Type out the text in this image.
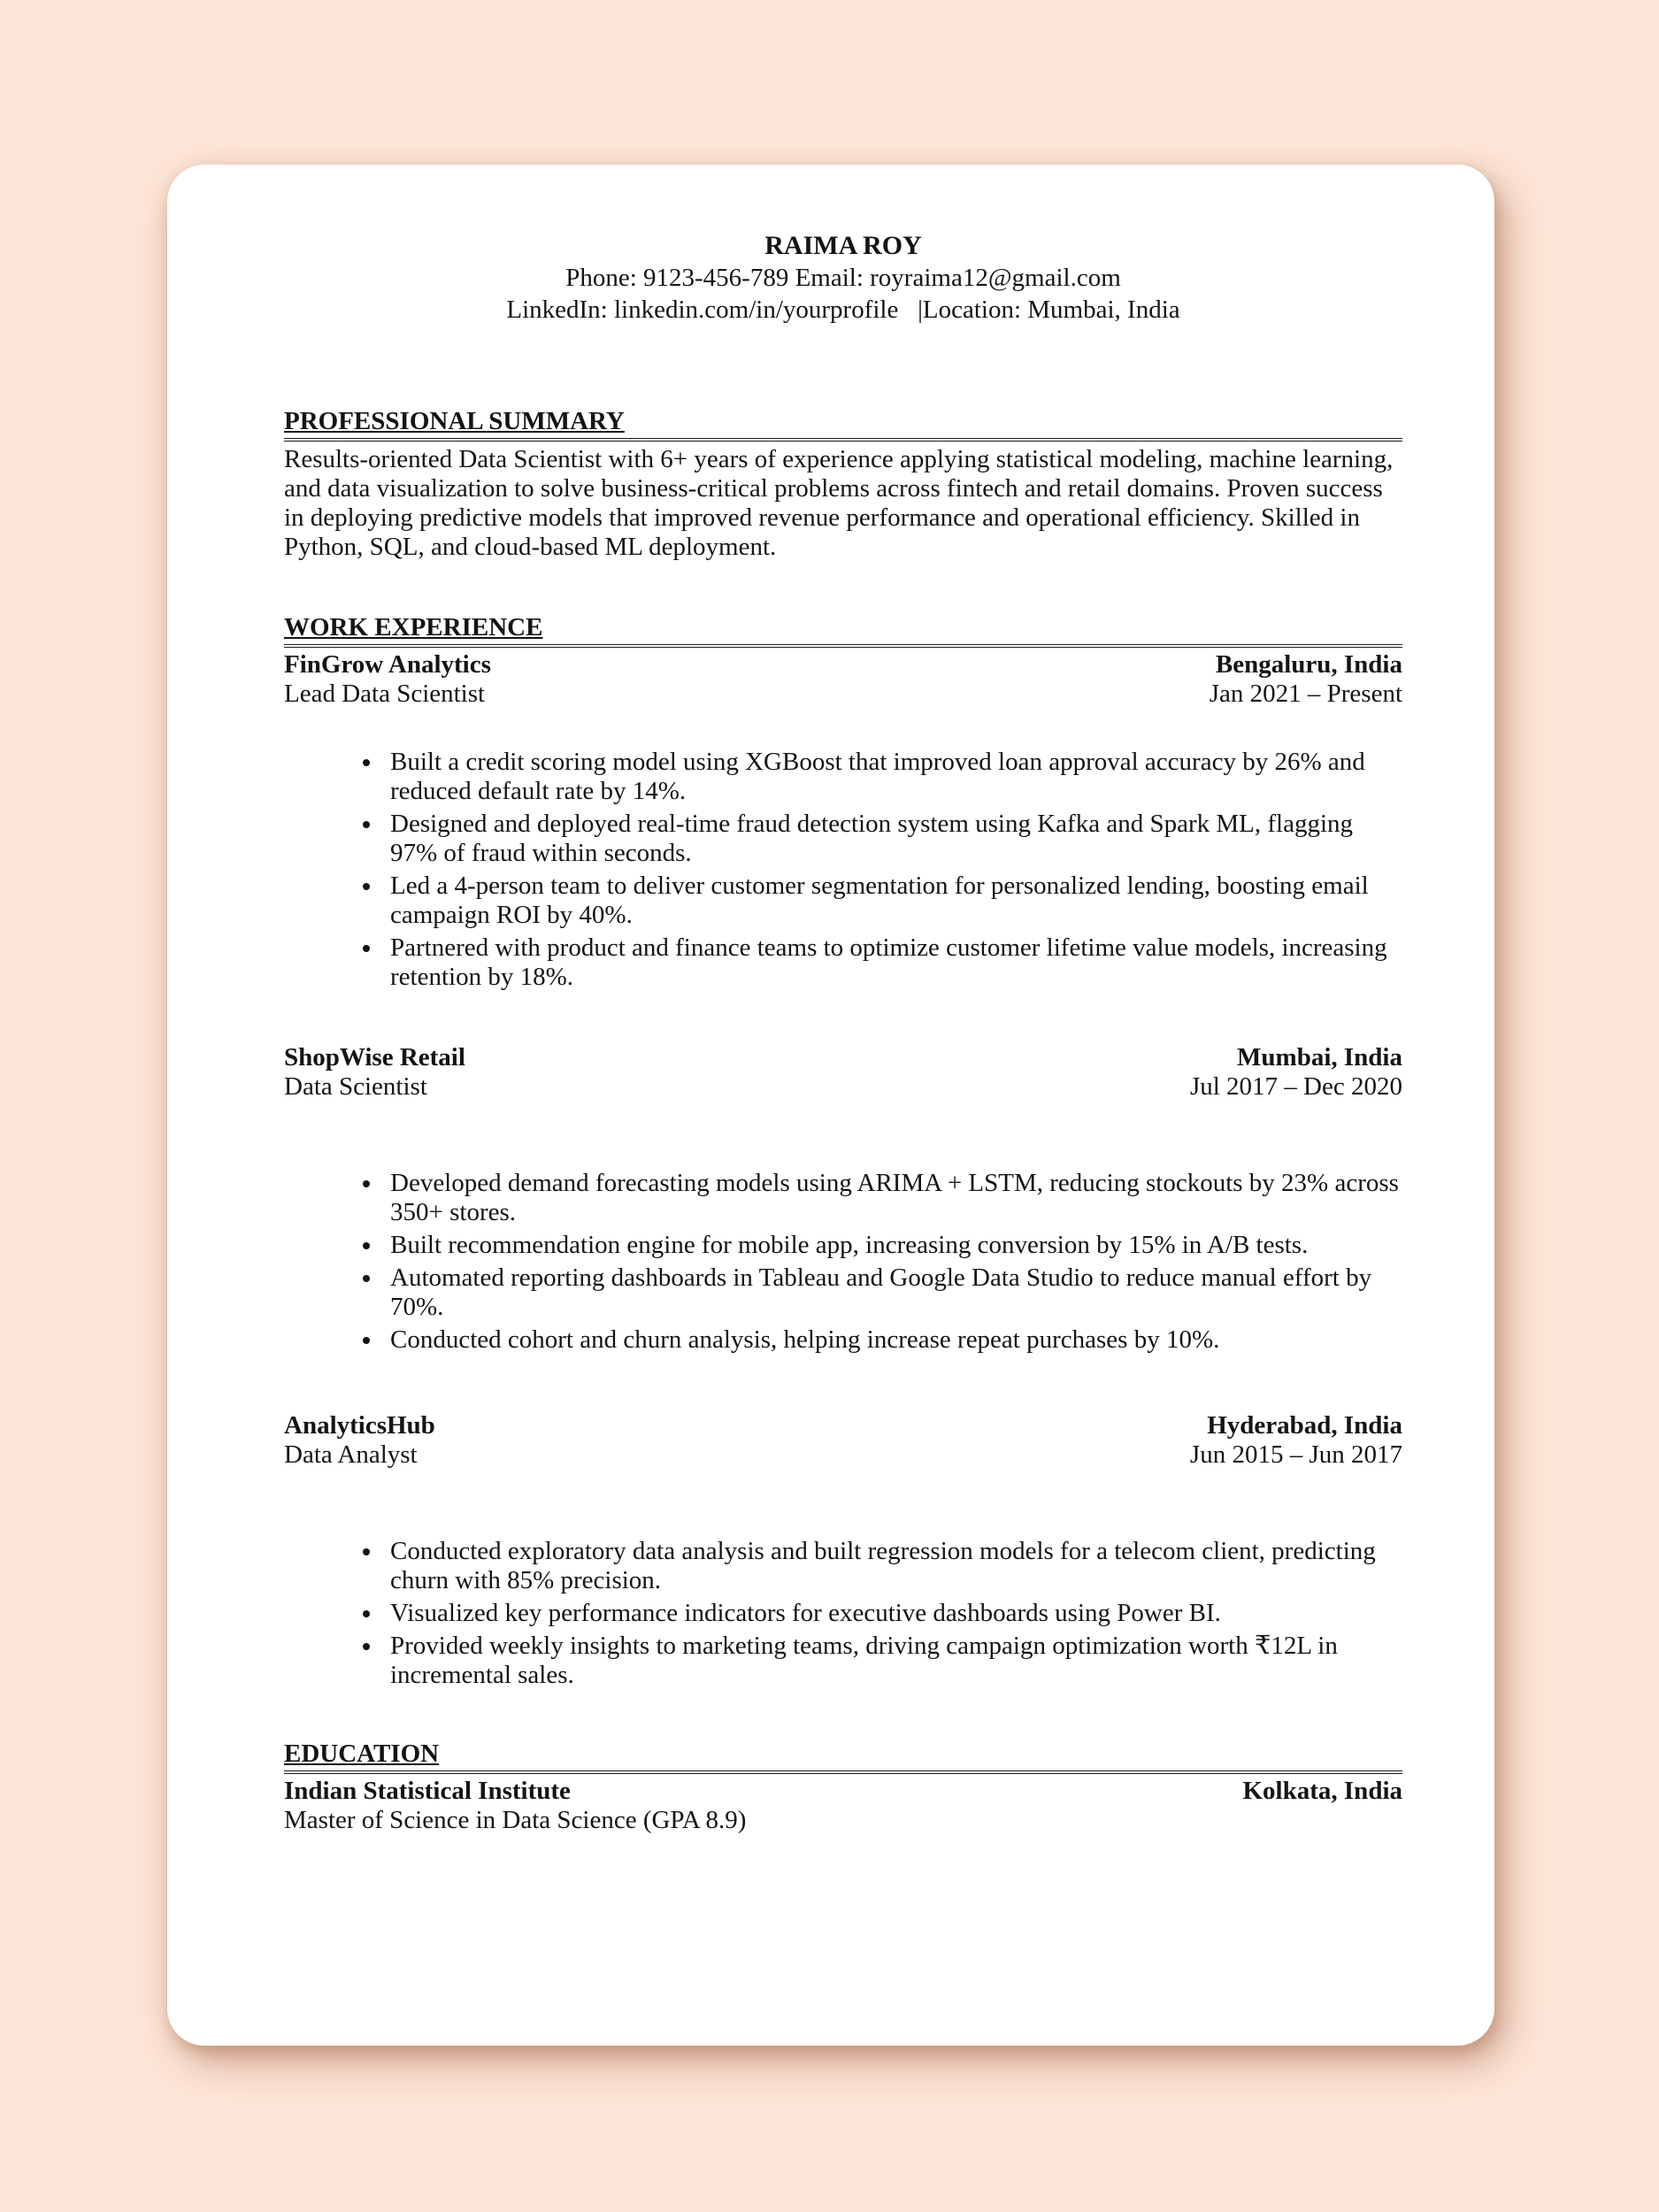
RAIMA ROY
Phone: 9123-456-789 Email: royraima12@gmail.com
LinkedIn: linkedin.com/in/yourprofile   |Location: Mumbai, India
PROFESSIONAL SUMMARY
Results-oriented Data Scientist with 6+ years of experience applying statistical modeling, machine learning, and data visualization to solve business-critical problems across fintech and retail domains. Proven success in deploying predictive models that improved revenue performance and operational efficiency. Skilled in Python, SQL, and cloud-based ML deployment.
WORK EXPERIENCE
FinGrow Analytics	Bengaluru, India
Lead Data Scientist	Jan 2021 – Present
• Built a credit scoring model using XGBoost that improved loan approval accuracy by 26% and reduced default rate by 14%.
• Designed and deployed real-time fraud detection system using Kafka and Spark ML, flagging 97% of fraud within seconds.
• Led a 4-person team to deliver customer segmentation for personalized lending, boosting email campaign ROI by 40%.
• Partnered with product and finance teams to optimize customer lifetime value models, increasing retention by 18%.
ShopWise Retail	Mumbai, India
Data Scientist	Jul 2017 – Dec 2020
• Developed demand forecasting models using ARIMA + LSTM, reducing stockouts by 23% across 350+ stores.
• Built recommendation engine for mobile app, increasing conversion by 15% in A/B tests.
• Automated reporting dashboards in Tableau and Google Data Studio to reduce manual effort by 70%.
• Conducted cohort and churn analysis, helping increase repeat purchases by 10%.
AnalyticsHub	Hyderabad, India
Data Analyst	Jun 2015 – Jun 2017
• Conducted exploratory data analysis and built regression models for a telecom client, predicting churn with 85% precision.
• Visualized key performance indicators for executive dashboards using Power BI.
• Provided weekly insights to marketing teams, driving campaign optimization worth ₹12L in incremental sales.
EDUCATION
Indian Statistical Institute	Kolkata, India
Master of Science in Data Science (GPA 8.9)
